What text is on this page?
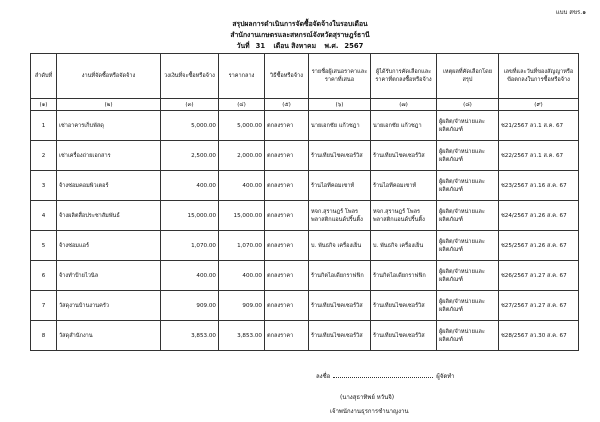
แบบ สขร.๑
สรุปผลการดำเนินการจัดซื้อจัดจ้างในรอบเดือน
สำนักงานเกษตรและสหกรณ์จังหวัดสุราษฎร์ธานี
วันที่ 31 เดือน สิงหาคม พ.ศ. 2567
ลำดับที่	งานที่จัดซื้อหรือจัดจ้าง	วงเงินที่จะซื้อหรือจ้าง	ราคากลาง	วิธีซื้อหรือจ้าง	รายชื่อผู้เสนอราคาและราคาที่เสนอ	ผู้ได้รับการคัดเลือกและราคาที่ตกลงซื้อหรือจ้าง	เหตุผลที่คัดเลือกโดยสรุป	เลขที่และวันที่ของสัญญาหรือข้อตกลงในการซื้อหรือจ้าง
(๑)	(๒)	(๓)	(๔)	(๕)	(๖)	(๗)	(๘)	(๙)
1	เช่าอาคารเก็บพัสดุ	5,000.00	5,000.00	ตกลงราคา	นายเอกชัย แก้วชฎา	นายเอกชัย แก้วชฎา	ผู้ผลิต/จำหน่ายและผลิตภัณฑ์	ช21/2567 ลว.1 ส.ค. 67
2	เช่าเครื่องถ่ายเอกสาร	2,500.00	2,000.00	ตกลงราคา	ร้านเทียนไชคเซอร์วิส	ร้านเทียนไชคเซอร์วิส	ผู้ผลิต/จำหน่ายและผลิตภัณฑ์	ช22/2567 ลว.1 ส.ค. 67
3	จ้างซ่อมคอมพิวเตอร์	400.00	400.00	ตกลงราคา	ร้านไอทีคอมเซาท์	ร้านไอทีคอมเซาท์	ผู้ผลิต/จำหน่ายและผลิตภัณฑ์	ช23/2567 ลว.16 ส.ค. 67
4	จ้างผลิตสื่อประชาสัมพันธ์	15,000.00	15,000.00	ตกลงราคา	หจก.สุราษฎร์ โพลร พลาสติกแอนด์ปริ้นติ้ง	หจก.สุราษฎร์ โพลร พลาสติกแอนด์ปริ้นติ้ง	ผู้ผลิต/จำหน่ายและผลิตภัณฑ์	ช24/2567 ลว.26 ส.ค. 67
5	จ้างซ่อมแอร์	1,070.00	1,070.00	ตกลงราคา	บ. พันธกิจ เครื่องเย็น	บ. พันธกิจ เครื่องเย็น	ผู้ผลิต/จำหน่ายและผลิตภัณฑ์	ช25/2567 ลว.26 ส.ค. 67
6	จ้างทำป้ายไวนิล	400.00	400.00	ตกลงราคา	ร้านกิตไอเดียกราฟฟิก	ร้านกิตไอเดียกราฟฟิก	ผู้ผลิต/จำหน่ายและผลิตภัณฑ์	ช26/2567 ลว.27 ส.ค. 67
7	วัสดุงานบ้านงานครัว	909.00	909.00	ตกลงราคา	ร้านเทียนไชคเซอร์วิส	ร้านเทียนไชคเซอร์วิส	ผู้ผลิต/จำหน่ายและผลิตภัณฑ์	ช27/2567 ลว.27 ส.ค. 67
8	วัสดุสำนักงาน	3,853.00	3,853.00	ตกลงราคา	ร้านเทียนไชคเซอร์วิส	ร้านเทียนไชคเซอร์วิส	ผู้ผลิต/จำหน่ายและผลิตภัณฑ์	ช28/2567 ลว.30 ส.ค. 67
ลงชื่อ	ผู้จัดทำ
(นางสุธาทิพย์ หวันจิ)
เจ้าพนักงานธุรการชำนาญงาน
